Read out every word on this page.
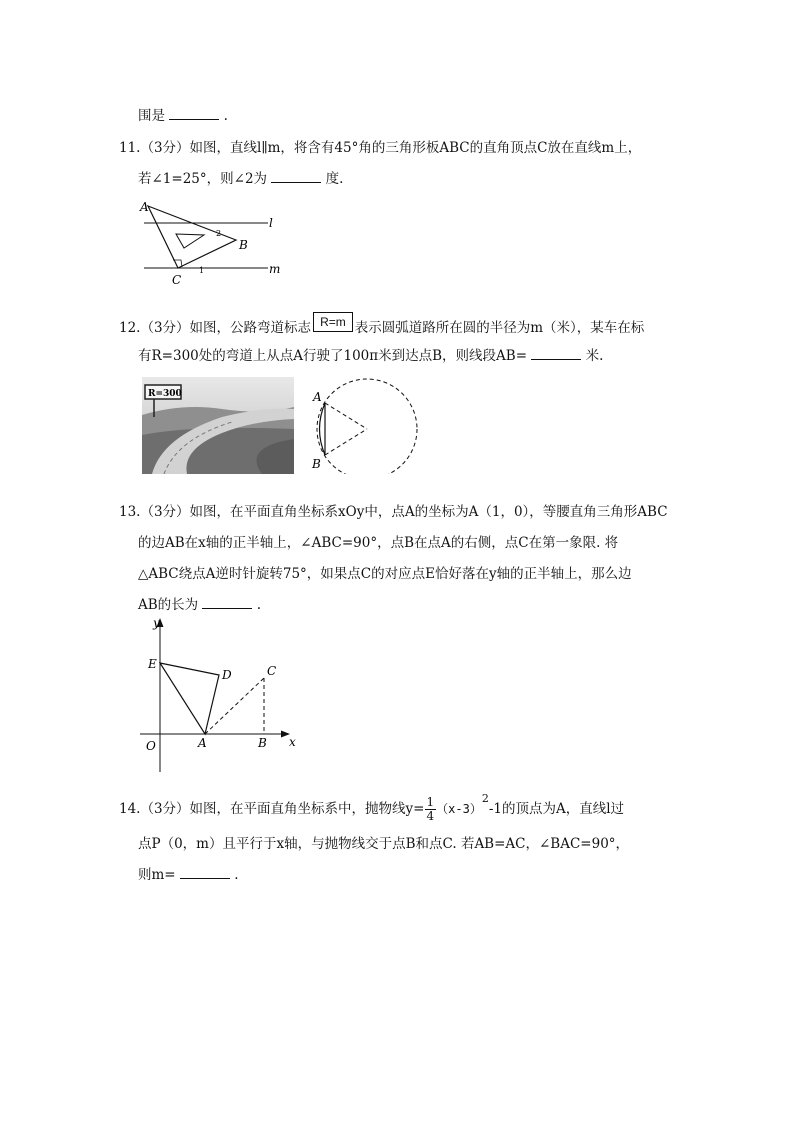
围是	.
11.（3分）如图，直线l∥m，将含有45°角的三角形板ABC的直角顶点C放在直线m上，
若∠1=25°，则∠2为	度.
A
B
C
l
m
1
2
12.（3分）如图，公路弯道标志 R=m 表示圆弧道路所在圆的半径为m（米），某车在标
有R=300处的弯道上从点A行驶了100π米到达点B，则线段AB=	米.
R=300	A
B
13.（3分）如图，在平面直角坐标系xOy中，点A的坐标为A（1，0），等腰直角三角形ABC
的边AB在x轴的正半轴上，∠ABC=90°，点B在点A的右侧，点C在第一象限. 将
△ABC绕点A逆时针旋转75°，如果点C的对应点E恰好落在y轴的正半轴上，那么边
AB的长为	.
y
x
O	A	B
C
D
E
14.（3分）如图，在平面直角坐标系中，抛物线$y= \frac{1}{4} (x-3)^2-1$的顶点为A，直线l过
点P（0，m）且平行于x轴，与抛物线交于点B和点C. 若AB=AC，∠BAC=90°，
则m=	.
